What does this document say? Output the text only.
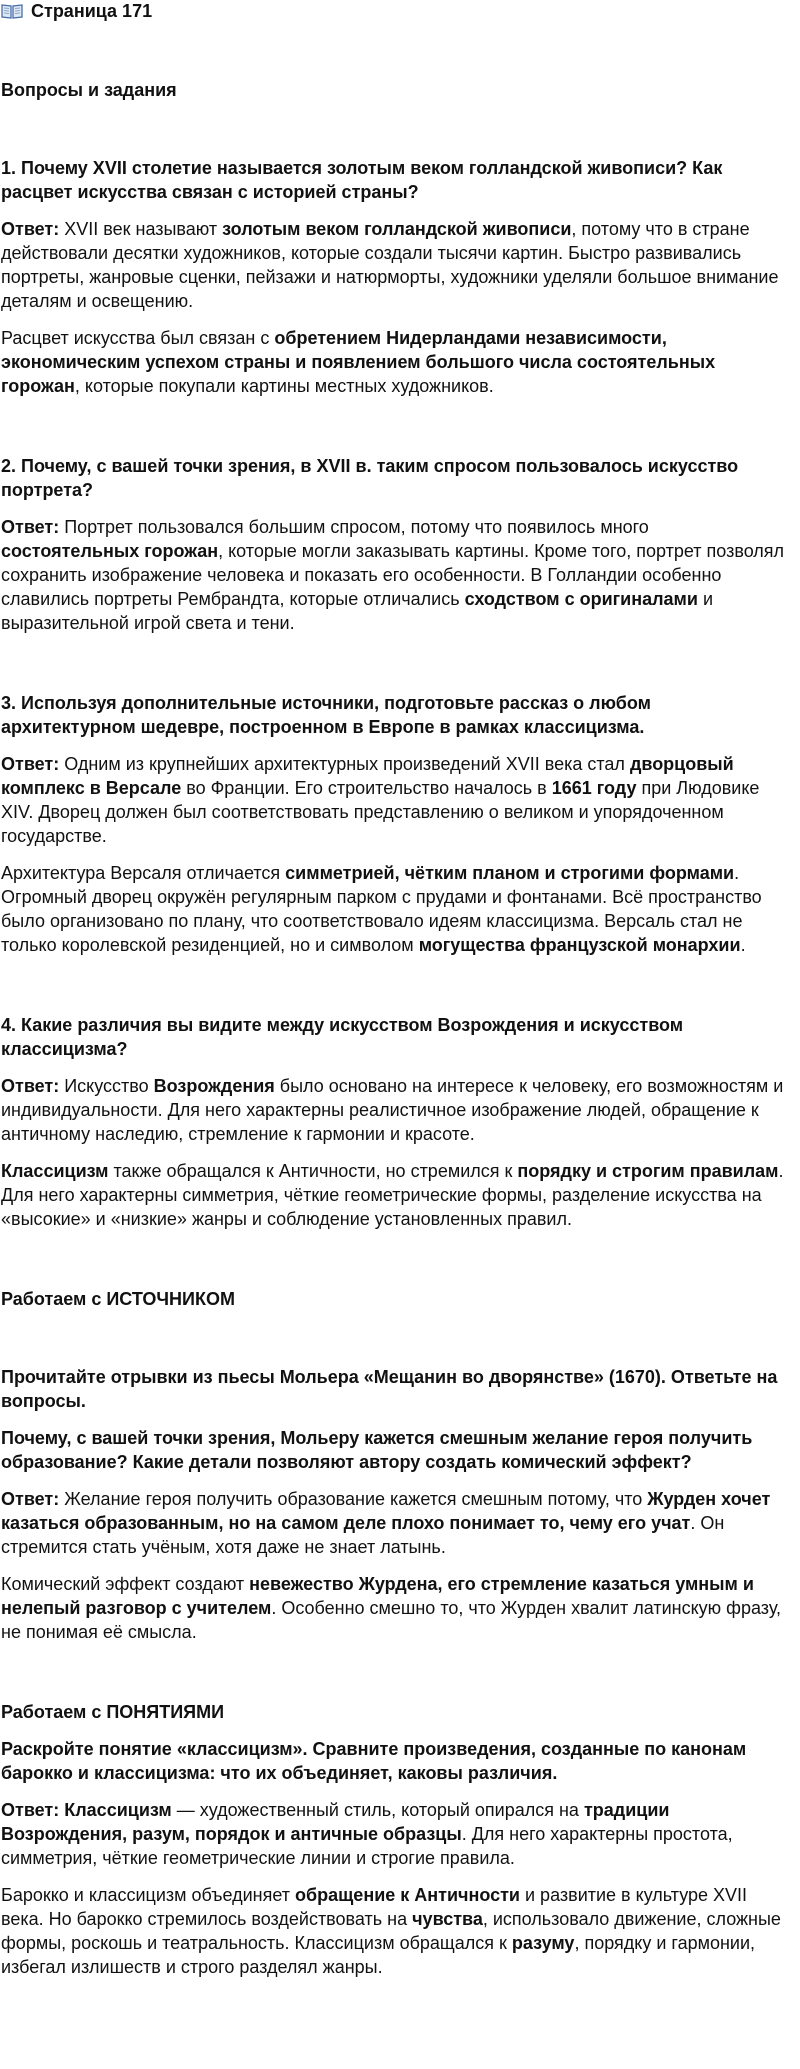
Страница 171

Вопросы и задания

1. Почему XVII столетие называется золотым веком голландской живописи? Как расцвет искусства связан с историей страны?

Ответ: XVII век называют золотым веком голландской живописи, потому что в стране действовали десятки художников, которые создали тысячи картин. Быстро развивались портреты, жанровые сценки, пейзажи и натюрморты, художники уделяли большое внимание деталям и освещению.

Расцвет искусства был связан с обретением Нидерландами независимости, экономическим успехом страны и появлением большого числа состоятельных горожан, которые покупали картины местных художников.

2. Почему, с вашей точки зрения, в XVII в. таким спросом пользовалось искусство портрета?

Ответ: Портрет пользовался большим спросом, потому что появилось много состоятельных горожан, которые могли заказывать картины. Кроме того, портрет позволял сохранить изображение человека и показать его особенности. В Голландии особенно славились портреты Рембрандта, которые отличались сходством с оригиналами и выразительной игрой света и тени.

3. Используя дополнительные источники, подготовьте рассказ о любом архитектурном шедевре, построенном в Европе в рамках классицизма.

Ответ: Одним из крупнейших архитектурных произведений XVII века стал дворцовый комплекс в Версале во Франции. Его строительство началось в 1661 году при Людовике XIV. Дворец должен был соответствовать представлению о великом и упорядоченном государстве.

Архитектура Версаля отличается симметрией, чётким планом и строгими формами. Огромный дворец окружён регулярным парком с прудами и фонтанами. Всё пространство было организовано по плану, что соответствовало идеям классицизма. Версаль стал не только королевской резиденцией, но и символом могущества французской монархии.

4. Какие различия вы видите между искусством Возрождения и искусством классицизма?

Ответ: Искусство Возрождения было основано на интересе к человеку, его возможностям и индивидуальности. Для него характерны реалистичное изображение людей, обращение к античному наследию, стремление к гармонии и красоте.

Классицизм также обращался к Античности, но стремился к порядку и строгим правилам. Для него характерны симметрия, чёткие геометрические формы, разделение искусства на «высокие» и «низкие» жанры и соблюдение установленных правил.

Работаем с ИСТОЧНИКОМ

Прочитайте отрывки из пьесы Мольера «Мещанин во дворянстве» (1670). Ответьте на вопросы.

Почему, с вашей точки зрения, Мольеру кажется смешным желание героя получить образование? Какие детали позволяют автору создать комический эффект?

Ответ: Желание героя получить образование кажется смешным потому, что Журден хочет казаться образованным, но на самом деле плохо понимает то, чему его учат. Он стремится стать учёным, хотя даже не знает латынь.

Комический эффект создают невежество Журдена, его стремление казаться умным и нелепый разговор с учителем. Особенно смешно то, что Журден хвалит латинскую фразу, не понимая её смысла.

Работаем с ПОНЯТИЯМИ

Раскройте понятие «классицизм». Сравните произведения, созданные по канонам барокко и классицизма: что их объединяет, каковы различия.

Ответ: Классицизм — художественный стиль, который опирался на традиции Возрождения, разум, порядок и античные образцы. Для него характерны простота, симметрия, чёткие геометрические линии и строгие правила.

Барокко и классицизм объединяет обращение к Античности и развитие в культуре XVII века. Но барокко стремилось воздействовать на чувства, использовало движение, сложные формы, роскошь и театральность. Классицизм обращался к разуму, порядку и гармонии, избегал излишеств и строго разделял жанры.
